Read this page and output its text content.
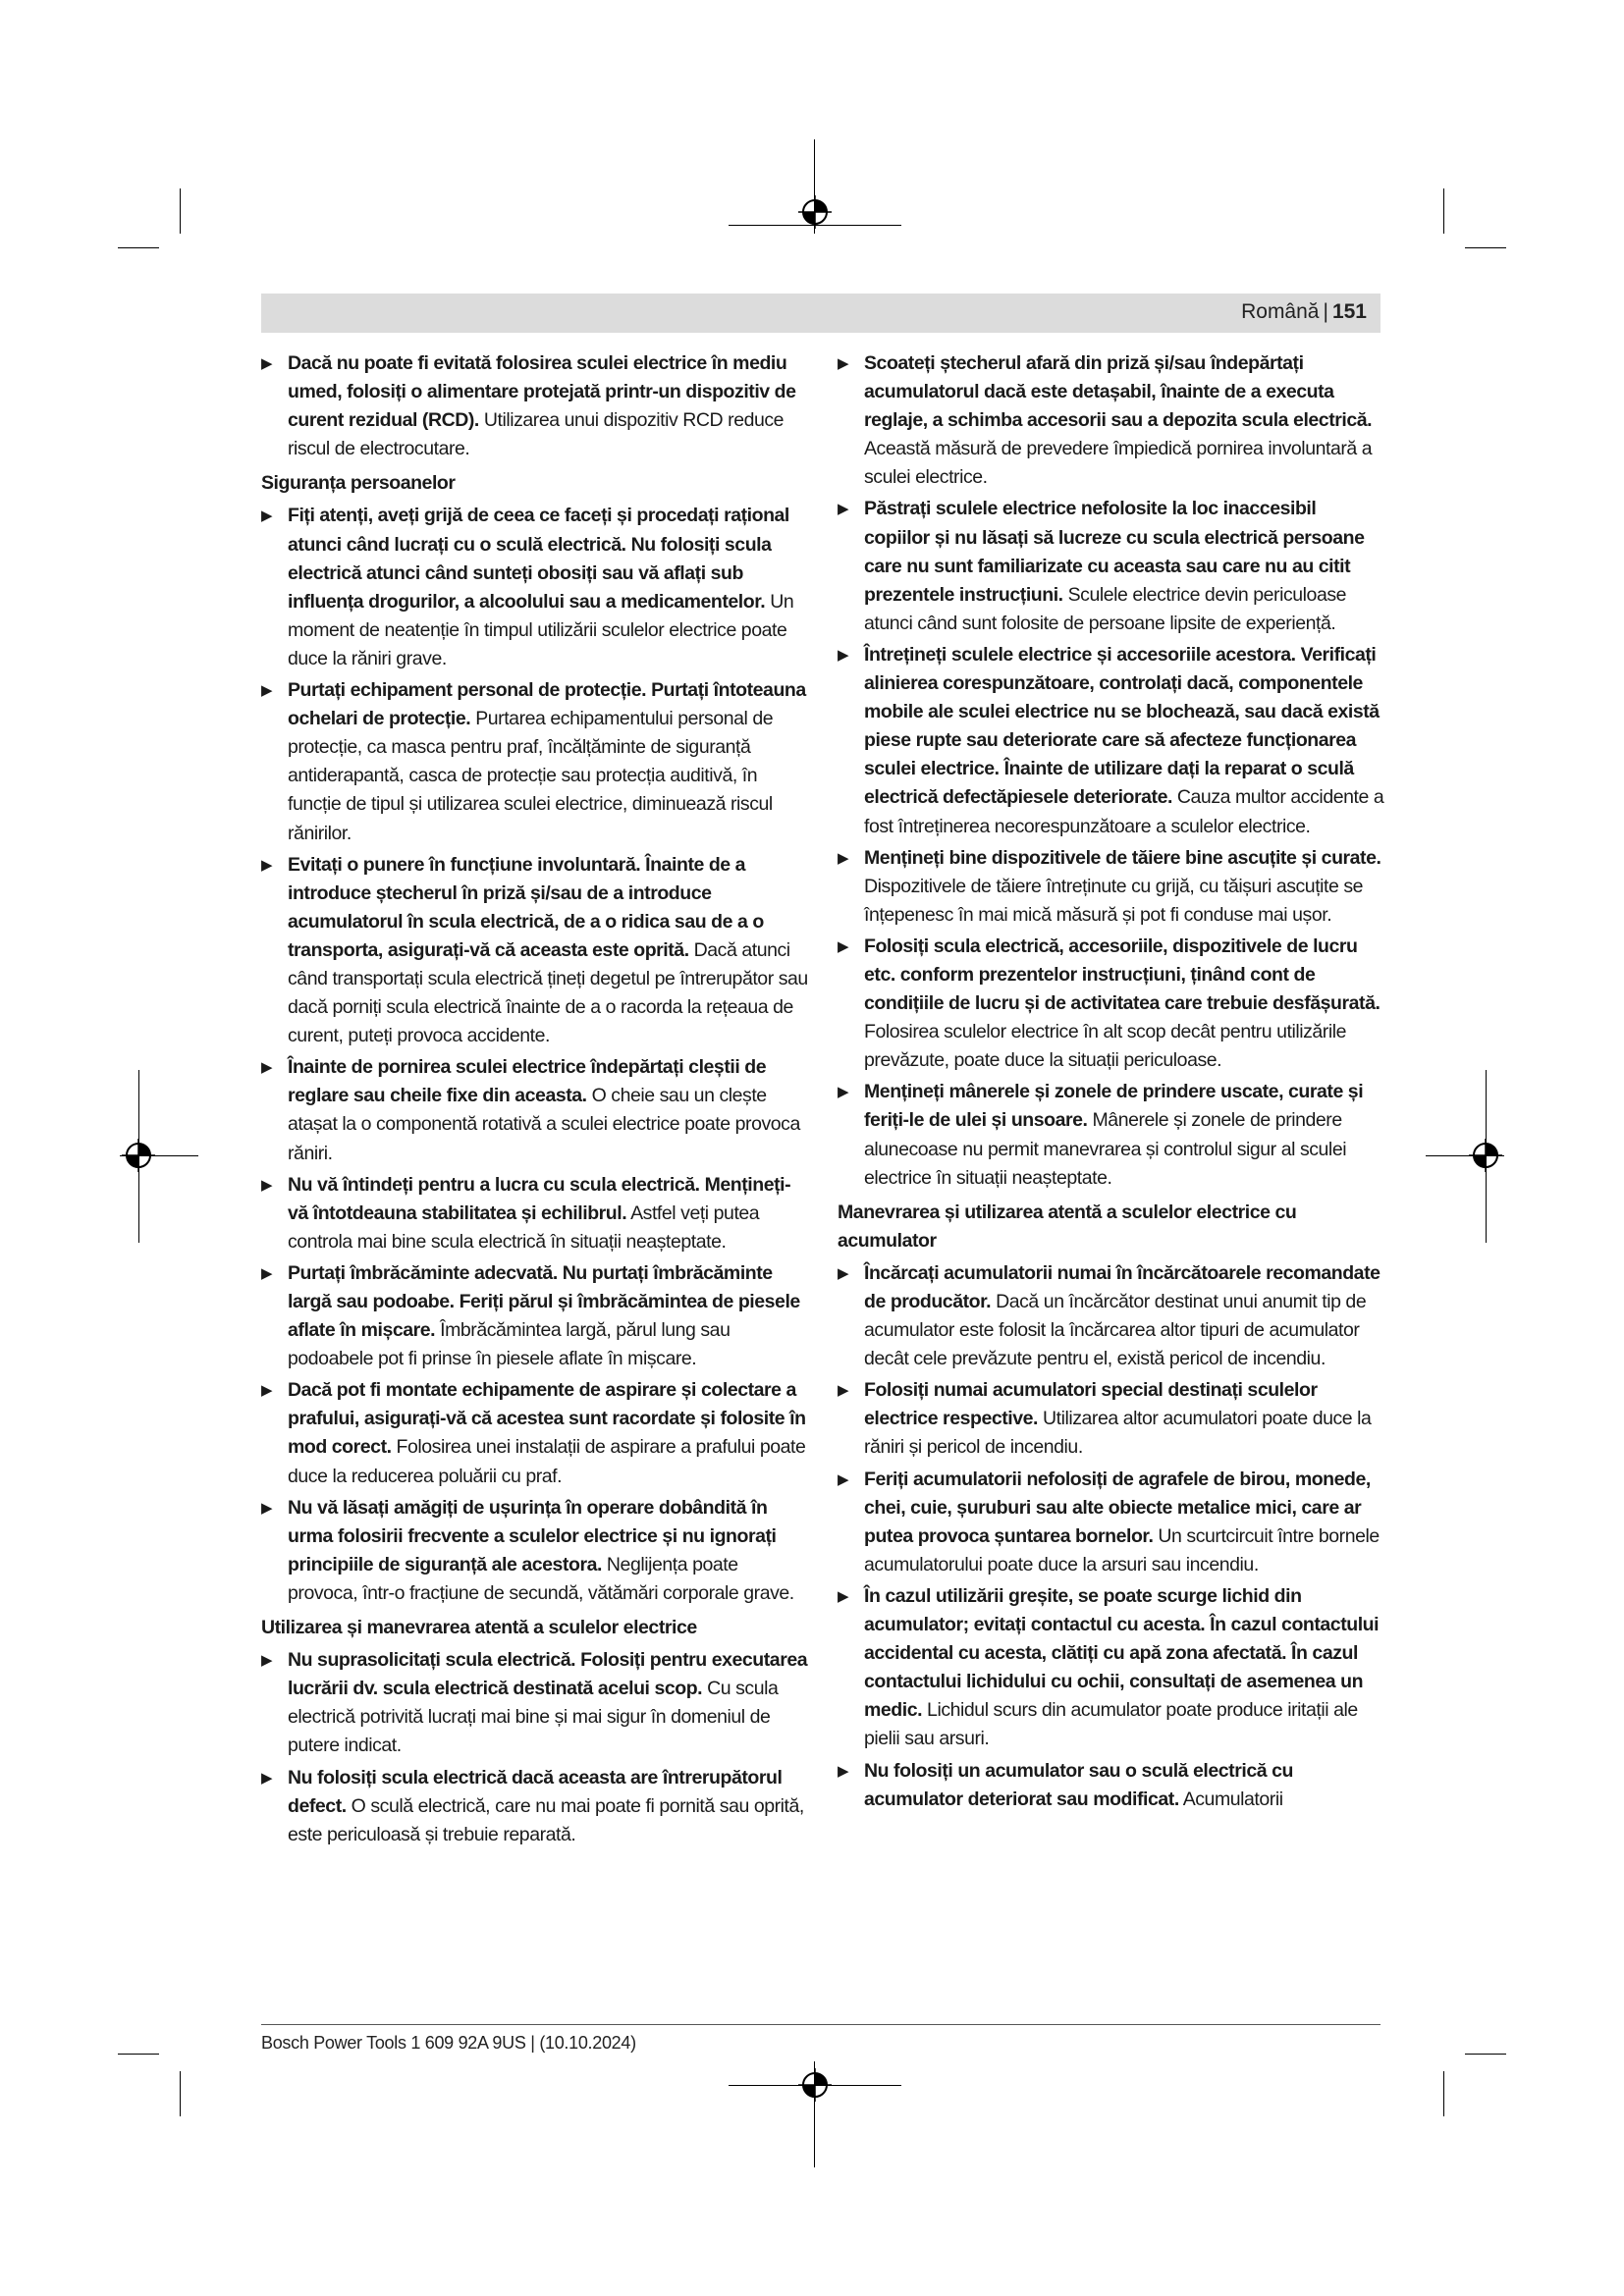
Română | 151
▶ Dacă nu poate fi evitată folosirea sculei electrice în mediu umed, folosiți o alimentare protejată printr-un dispozitiv de curent rezidual (RCD). Utilizarea unui dispozitiv RCD reduce riscul de electrocutare.
Siguranța persoanelor
▶ Fiți atenți, aveți grijă de ceea ce faceți și procedați rațional atunci când lucrați cu o sculă electrică. Nu folosiți scula electrică atunci când sunteți obosiți sau vă aflați sub influența drogurilor, a alcoolului sau a medicamentelor. Un moment de neatenție în timpul utilizării sculelor electrice poate duce la răniri grave.
▶ Purtați echipament personal de protecție. Purtați întoteauna ochelari de protecție. Purtarea echipamentului personal de protecție, ca masca pentru praf, încălțăminte de siguranță antiderapantă, casca de protecție sau protecția auditivă, în funcție de tipul și utilizarea sculei electrice, diminuează riscul rănirilor.
▶ Evitați o punere în funcțiune involuntară. Înainte de a introduce ștecherul în priză și/sau de a introduce acumulatorul în scula electrică, de a o ridica sau de a o transporta, asigurați-vă că aceasta este oprită. Dacă atunci când transportați scula electrică țineți degetul pe întrerupător sau dacă porniți scula electrică înainte de a o racorda la rețeaua de curent, puteți provoca accidente.
▶ Înainte de pornirea sculei electrice îndepărtați cleștii de reglare sau cheile fixe din aceasta. O cheie sau un clește atașat la o componentă rotativă a sculei electrice poate provoca răniri.
▶ Nu vă întindeți pentru a lucra cu scula electrică. Mențineți-vă întotdeauna stabilitatea și echilibrul. Astfel veți putea controla mai bine scula electrică în situații neașteptate.
▶ Purtați îmbrăcăminte adecvată. Nu purtați îmbrăcăminte largă sau podoabe. Feriți părul și îmbrăcămintea de piesele aflate în mișcare. Îmbrăcămintea largă, părul lung sau podoabele pot fi prinse în piesele aflate în mișcare.
▶ Dacă pot fi montate echipamente de aspirare și colectare a prafului, asigurați-vă că acestea sunt racordate și folosite în mod corect. Folosirea unei instalații de aspirare a prafului poate duce la reducerea poluării cu praf.
▶ Nu vă lăsați amăgiți de ușurința în operare dobândită în urma folosirii frecvente a sculelor electrice și nu ignorați principiile de siguranță ale acestora. Neglijența poate provoca, într-o fracțiune de secundă, vătămări corporale grave.
Utilizarea și manevrarea atentă a sculelor electrice
▶ Nu suprasolicitați scula electrică. Folosiți pentru executarea lucrării dv. scula electrică destinată acelui scop. Cu scula electrică potrivită lucrați mai bine și mai sigur în domeniul de putere indicat.
▶ Nu folosiți scula electrică dacă aceasta are întrerupătorul defect. O sculă electrică, care nu mai poate fi pornită sau oprită, este periculoasă și trebuie reparată.
▶ Scoateți ștecherul afară din priză și/sau îndepărtați acumulatorul dacă este detașabil, înainte de a executa reglaje, a schimba accesorii sau a depozita scula electrică. Această măsură de prevedere împiedică pornirea involuntară a sculei electrice.
▶ Păstrați sculele electrice nefolosite la loc inaccesibil copiilor și nu lăsați să lucreze cu scula electrică persoane care nu sunt familiarizate cu aceasta sau care nu au citit prezentele instrucțiuni. Sculele electrice devin periculoase atunci când sunt folosite de persoane lipsite de experiență.
▶ Întrețineți sculele electrice și accesoriile acestora. Verificați alinierea corespunzătoare, controlați dacă, componentele mobile ale sculei electrice nu se blochează, sau dacă există piese rupte sau deteriorate care să afecteze funcționarea sculei electrice. Înainte de utilizare dați la reparat o sculă electrică defectăpiesele deteriorate. Cauza multor accidente a fost întreținerea necorespunzătoare a sculelor electrice.
▶ Mențineți bine dispozitivele de tăiere bine ascuțite și curate. Dispozitivele de tăiere întreținute cu grijă, cu tăișuri ascuțite se înțepenesc în mai mică măsură și pot fi conduse mai ușor.
▶ Folosiți scula electrică, accesoriile, dispozitivele de lucru etc. conform prezentelor instrucțiuni, ținând cont de condițiile de lucru și de activitatea care trebuie desfășurată. Folosirea sculelor electrice în alt scop decât pentru utilizările prevăzute, poate duce la situații periculoase.
▶ Mențineți mânerele și zonele de prindere uscate, curate și feriți-le de ulei și unsoare. Mânerele și zonele de prindere alunecoase nu permit manevrarea și controlul sigur al sculei electrice în situații neașteptate.
Manevrarea și utilizarea atentă a sculelor electrice cu acumulator
▶ Încărcați acumulatorii numai în încărcătoarele recomandate de producător. Dacă un încărcător destinat unui anumit tip de acumulator este folosit la încărcarea altor tipuri de acumulator decât cele prevăzute pentru el, există pericol de incendiu.
▶ Folosiți numai acumulatori special destinați sculelor electrice respective. Utilizarea altor acumulatori poate duce la răniri și pericol de incendiu.
▶ Feriți acumulatorii nefolosiți de agrafele de birou, monede, chei, cuie, șuruburi sau alte obiecte metalice mici, care ar putea provoca șuntarea bornelor. Un scurtcircuit între bornele acumulatorului poate duce la arsuri sau incendiu.
▶ În cazul utilizării greșite, se poate scurge lichid din acumulator; evitați contactul cu acesta. În cazul contactului accidental cu acesta, clătiți cu apă zona afectată. În cazul contactului lichidului cu ochii, consultați de asemenea un medic. Lichidul scurs din acumulator poate produce iritații ale pielii sau arsuri.
▶ Nu folosiți un acumulator sau o sculă electrică cu acumulator deteriorat sau modificat. Acumulatorii
Bosch Power Tools 1 609 92A 9US | (10.10.2024)
